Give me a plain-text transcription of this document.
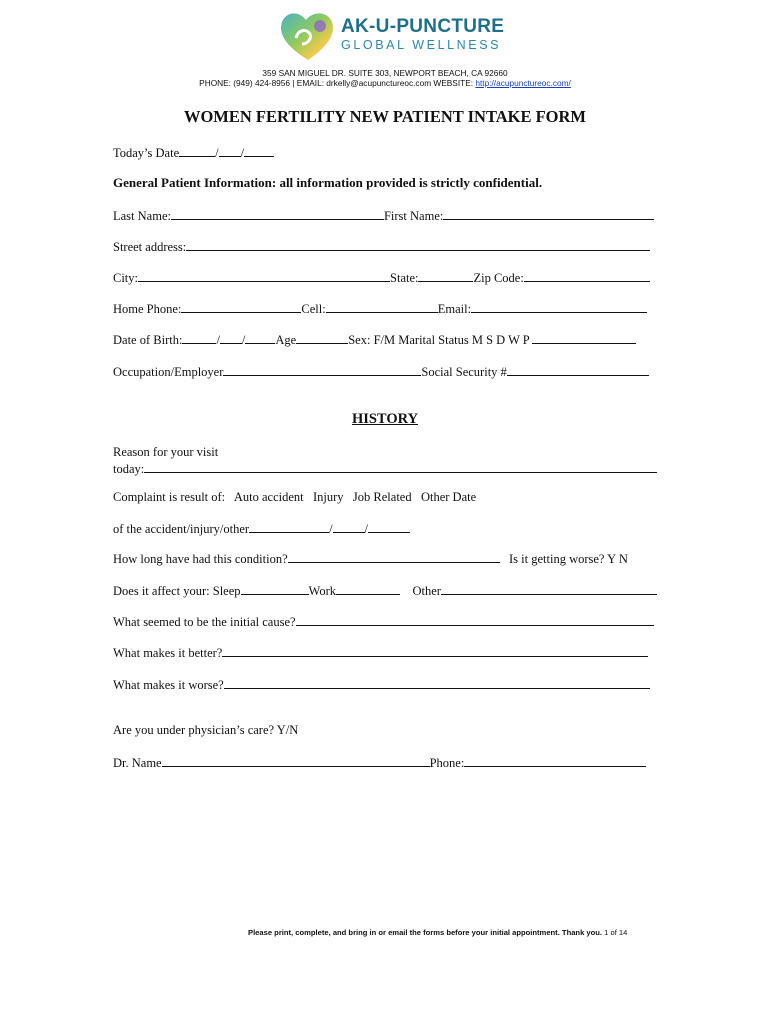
AK-U-PUNCTURE
GLOBAL WELLNESS
359 SAN MIGUEL DR. SUITE 303, NEWPORT BEACH, CA 92660
PHONE: (949) 424-8956 | EMAIL: drkelly@acupunctureoc.com WEBSITE: http://acupunctureoc.com/
WOMEN FERTILITY NEW PATIENT INTAKE FORM
Today’s Date	/ /
General Patient Information: all information provided is strictly confidential.
Last Name:	First Name:
Street address:
City:	State:	Zip Code:
Home Phone:	Cell:	Email:
Date of Birth:	/ / Age	Sex: F/M Marital Status M S D W P
Occupation/Employer	Social Security #
HISTORY
Reason for your visit
today:
Complaint is result of: Auto accident Injury Job Related Other Date
of the accident/injury/other	/	/
How long have had this condition?	Is it getting worse? Y N
Does it affect your: Sleep	Work	Other
What seemed to be the initial cause?
What makes it better?
What makes it worse?
Are you under physician’s care? Y/N
Dr. Name	Phone:
Please print, complete, and bring in or email the forms before your initial appointment. Thank you. 1 of 14
